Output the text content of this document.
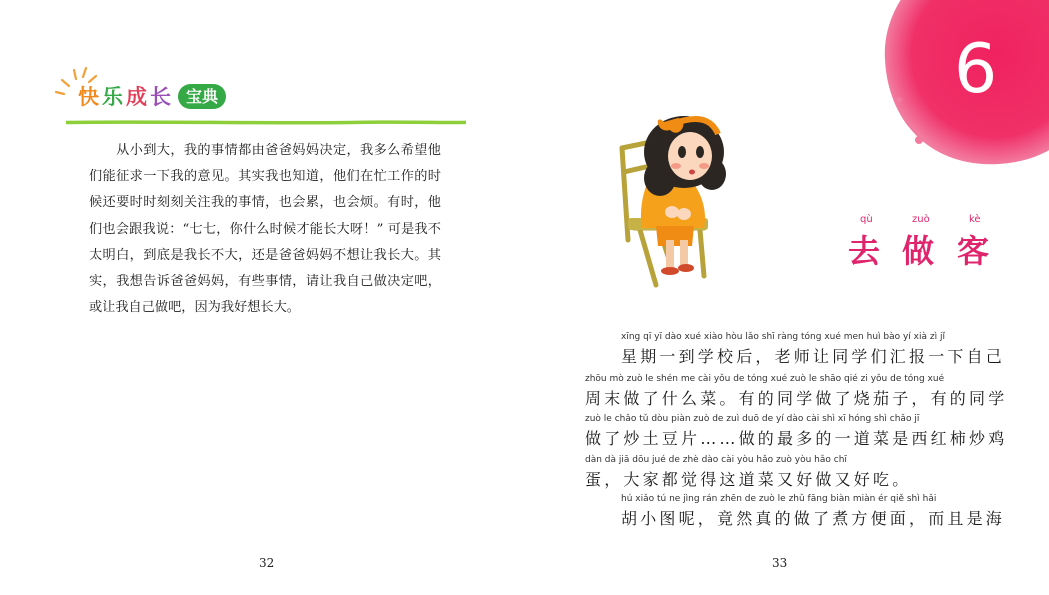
快 乐 成 长 宝典

　　从小到大，我的事情都由爸爸妈妈决定，我多么希望他们能征求一下我的意见。其实我也知道，他们在忙工作的时候还要时时刻刻关注我的事情，也会累，也会烦。有时，他们也会跟我说：“七七，你什么时候才能长大呀！” 可是我不太明白，到底是我长不大，还是爸爸妈妈不想让我长大。其实，我想告诉爸爸妈妈，有些事情，请让我自己做决定吧，或让我自己做吧，因为我好想长大。

32
6
qù	zuò	kè
去 做 客
xīng qī yī dào xué xiào hòu lǎo shī ràng tóng xué men huì bào yí xià zì jǐ
星期一到学校后，老师让同学们汇报一下自己
zhōu mò zuò le shén me cài yǒu de tóng xué zuò le shāo qié zi yǒu de tóng xué
周末做了什么菜。有的同学做了烧茄子，有的同学
zuò le chǎo tǔ dòu piàn zuò de zuì duō de yí dào cài shì xī hóng shì chǎo jī
做了炒土豆片……做的最多的一道菜是西红柿炒鸡
dàn dà jiā dōu jué de zhè dào cài yòu hǎo zuò yòu hǎo chī
蛋，大家都觉得这道菜又好做又好吃。
hú xiǎo tú ne jìng rán zhēn de zuò le zhǔ fāng biàn miàn ér qiě shì hǎi
胡小图呢，竟然真的做了煮方便面，而且是海
33
